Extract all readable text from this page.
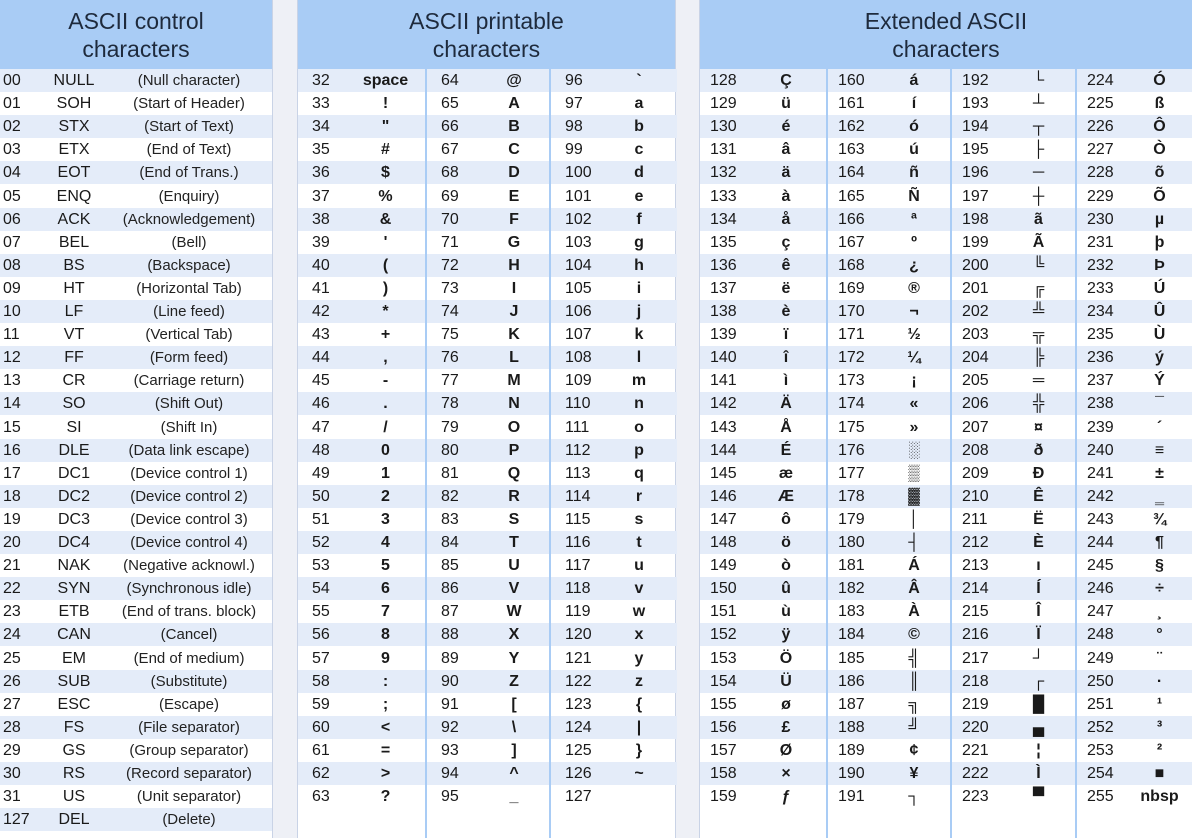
ASCII control
characters
00	NULL	(Null character)
01	SOH	(Start of Header)
02	STX	(Start of Text)
03	ETX	(End of Text)
04	EOT	(End of Trans.)
05	ENQ	(Enquiry)
06	ACK	(Acknowledgement)
07	BEL	(Bell)
08	BS	(Backspace)
09	HT	(Horizontal Tab)
10	LF	(Line feed)
11	VT	(Vertical Tab)
12	FF	(Form feed)
13	CR	(Carriage return)
14	SO	(Shift Out)
15	SI	(Shift In)
16	DLE	(Data link escape)
17	DC1	(Device control 1)
18	DC2	(Device control 2)
19	DC3	(Device control 3)
20	DC4	(Device control 4)
21	NAK	(Negative acknowl.)
22	SYN	(Synchronous idle)
23	ETB	(End of trans. block)
24	CAN	(Cancel)
25	EM	(End of medium)
26	SUB	(Substitute)
27	ESC	(Escape)
28	FS	(File separator)
29	GS	(Group separator)
30	RS	(Record separator)
31	US	(Unit separator)
127	DEL	(Delete)
ASCII printable
characters
32	space
33	!
34	"
35	#
36	$
37	%
38	&
39	'
40	(
41	)
42	*
43	+
44	,
45	-
46	.
47	/
48	0
49	1
50	2
51	3
52	4
53	5
54	6
55	7
56	8
57	9
58	:
59	;
60	<
61	=
62	>
63	?
64	@
65	A
66	B
67	C
68	D
69	E
70	F
71	G
72	H
73	I
74	J
75	K
76	L
77	M
78	N
79	O
80	P
81	Q
82	R
83	S
84	T
85	U
86	V
87	W
88	X
89	Y
90	Z
91	[
92	\
93	]
94	^
95	_
96	`
97	a
98	b
99	c
100	d
101	e
102	f
103	g
104	h
105	i
106	j
107	k
108	l
109	m
110	n
111	o
112	p
113	q
114	r
115	s
116	t
117	u
118	v
119	w
120	x
121	y
122	z
123	{
124	|
125	}
126	~
127
Extended ASCII
characters
128	Ç
129	ü
130	é
131	â
132	ä
133	à
134	å
135	ç
136	ê
137	ë
138	è
139	ï
140	î
141	ì
142	Ä
143	Å
144	É
145	æ
146	Æ
147	ô
148	ö
149	ò
150	û
151	ù
152	ÿ
153	Ö
154	Ü
155	ø
156	£
157	Ø
158	×
159	ƒ
160	á
161	í
162	ó
163	ú
164	ñ
165	Ñ
166	ª
167	º
168	¿
169	®
170	¬
171	½
172	¼
173	¡
174	«
175	»
176	░
177	▒
178	▓
179	│
180	┤
181	Á
182	Â
183	À
184	©
185	╣
186	║
187	╗
188	╝
189	¢
190	¥
191	┐
192	└
193	┴
194	┬
195	├
196	─
197	┼
198	ã
199	Ã
200	╚
201	╔
202	╩
203	╦
204	╠
205	═
206	╬
207	¤
208	ð
209	Ð
210	Ê
211	Ë
212	È
213	ı
214	Í
215	Î
216	Ï
217	┘
218	┌
219	█
220	▄
221	¦
222	Ì
223	▀
224	Ó
225	ß
226	Ô
227	Ò
228	õ
229	Õ
230	µ
231	þ
232	Þ
233	Ú
234	Û
235	Ù
236	ý
237	Ý
238	¯
239	´
240	≡
241	±
242	‗
243	¾
244	¶
245	§
246	÷
247	¸
248	°
249	¨
250	·
251	¹
252	³
253	²
254	■
255	nbsp
